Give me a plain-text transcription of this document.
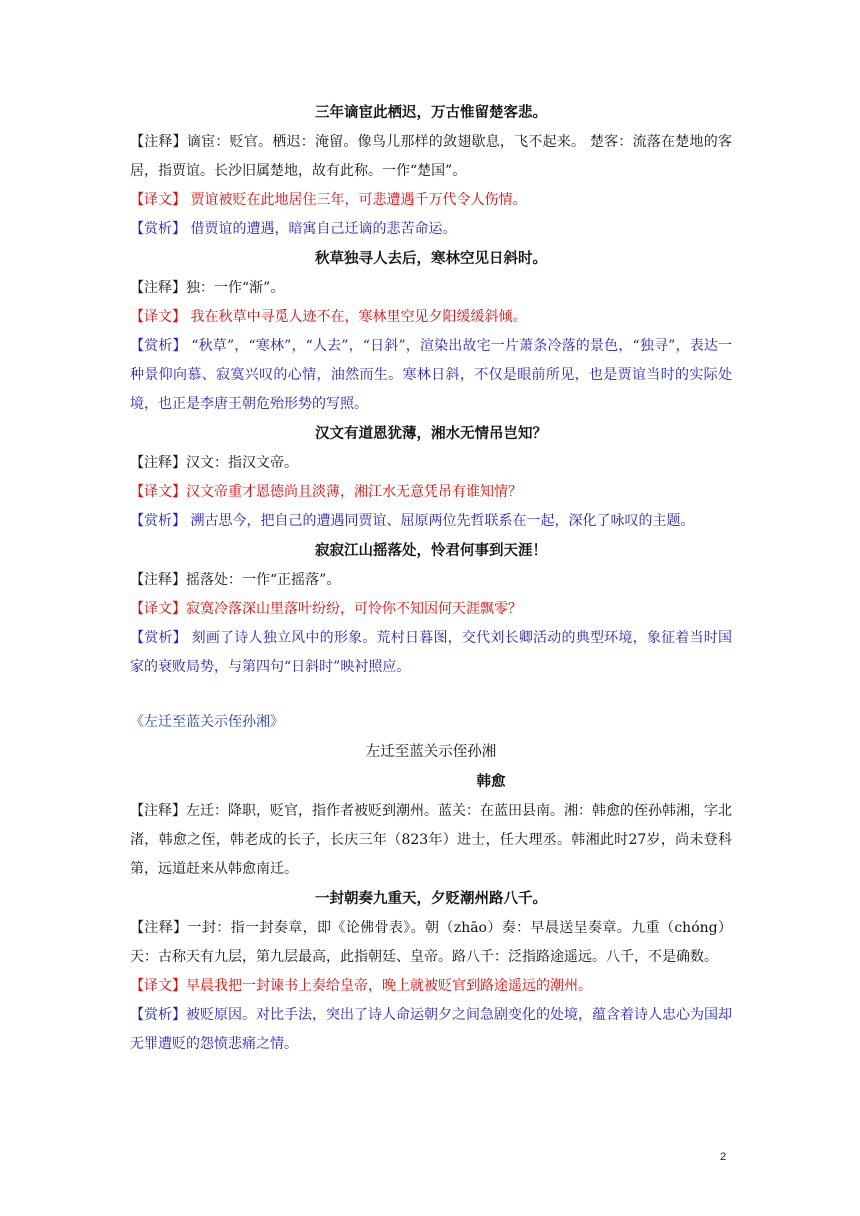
三年谪宦此栖迟，万古惟留楚客悲。
【注释】谪宦：贬官。栖迟：淹留。像鸟儿那样的敛翅歇息，飞不起来。 楚客：流落在楚地的客居，指贾谊。长沙旧属楚地，故有此称。一作“楚国”。
【译文】 贾谊被贬在此地居住三年，可悲遭遇千万代令人伤情。
【赏析】 借贾谊的遭遇，暗寓自己迁谪的悲苦命运。
秋草独寻人去后，寒林空见日斜时。
【注释】独：一作“渐”。
【译文】 我在秋草中寻觅人迹不在，寒林里空见夕阳缓缓斜倾。
【赏析】 “秋草”，“寒林”，“人去”，“日斜”，渲染出故宅一片萧条冷落的景色，“独寻”，表达一种景仰向慕、寂寞兴叹的心情，油然而生。寒林日斜，不仅是眼前所见，也是贾谊当时的实际处境，也正是李唐王朝危殆形势的写照。
汉文有道恩犹薄，湘水无情吊岂知？
【注释】汉文：指汉文帝。
【译文】汉文帝重才恩德尚且淡薄，湘江水无意凭吊有谁知情？
【赏析】 溯古思今，把自己的遭遇同贾谊、屈原两位先哲联系在一起，深化了咏叹的主题。
寂寂江山摇落处，怜君何事到天涯！
【注释】摇落处：一作“正摇落”。
【译文】寂寞冷落深山里落叶纷纷，可怜你不知因何天涯飘零？
【赏析】 刻画了诗人独立风中的形象。荒村日暮图，交代刘长卿活动的典型环境，象征着当时国家的衰败局势，与第四句“日斜时”映衬照应。
《左迁至蓝关示侄孙湘》
左迁至蓝关示侄孙湘
韩愈
【注释】左迁：降职，贬官，指作者被贬到潮州。蓝关：在蓝田县南。湘：韩愈的侄孙韩湘，字北渚，韩愈之侄，韩老成的长子，长庆三年（823年）进士，任大理丞。韩湘此时27岁，尚未登科第，远道赶来从韩愈南迁。
一封朝奏九重天，夕贬潮州路八千。
【注释】一封：指一封奏章，即《论佛骨表》。朝（zhāo）奏：早晨送呈奏章。九重（chóng）天：古称天有九层，第九层最高，此指朝廷、皇帝。路八千：泛指路途遥远。八千，不是确数。
【译文】早晨我把一封谏书上奏给皇帝，晚上就被贬官到路途遥远的潮州。
【赏析】被贬原因。对比手法，突出了诗人命运朝夕之间急剧变化的处境，蕴含着诗人忠心为国却无罪遭贬的怨愤悲痛之情。
2
